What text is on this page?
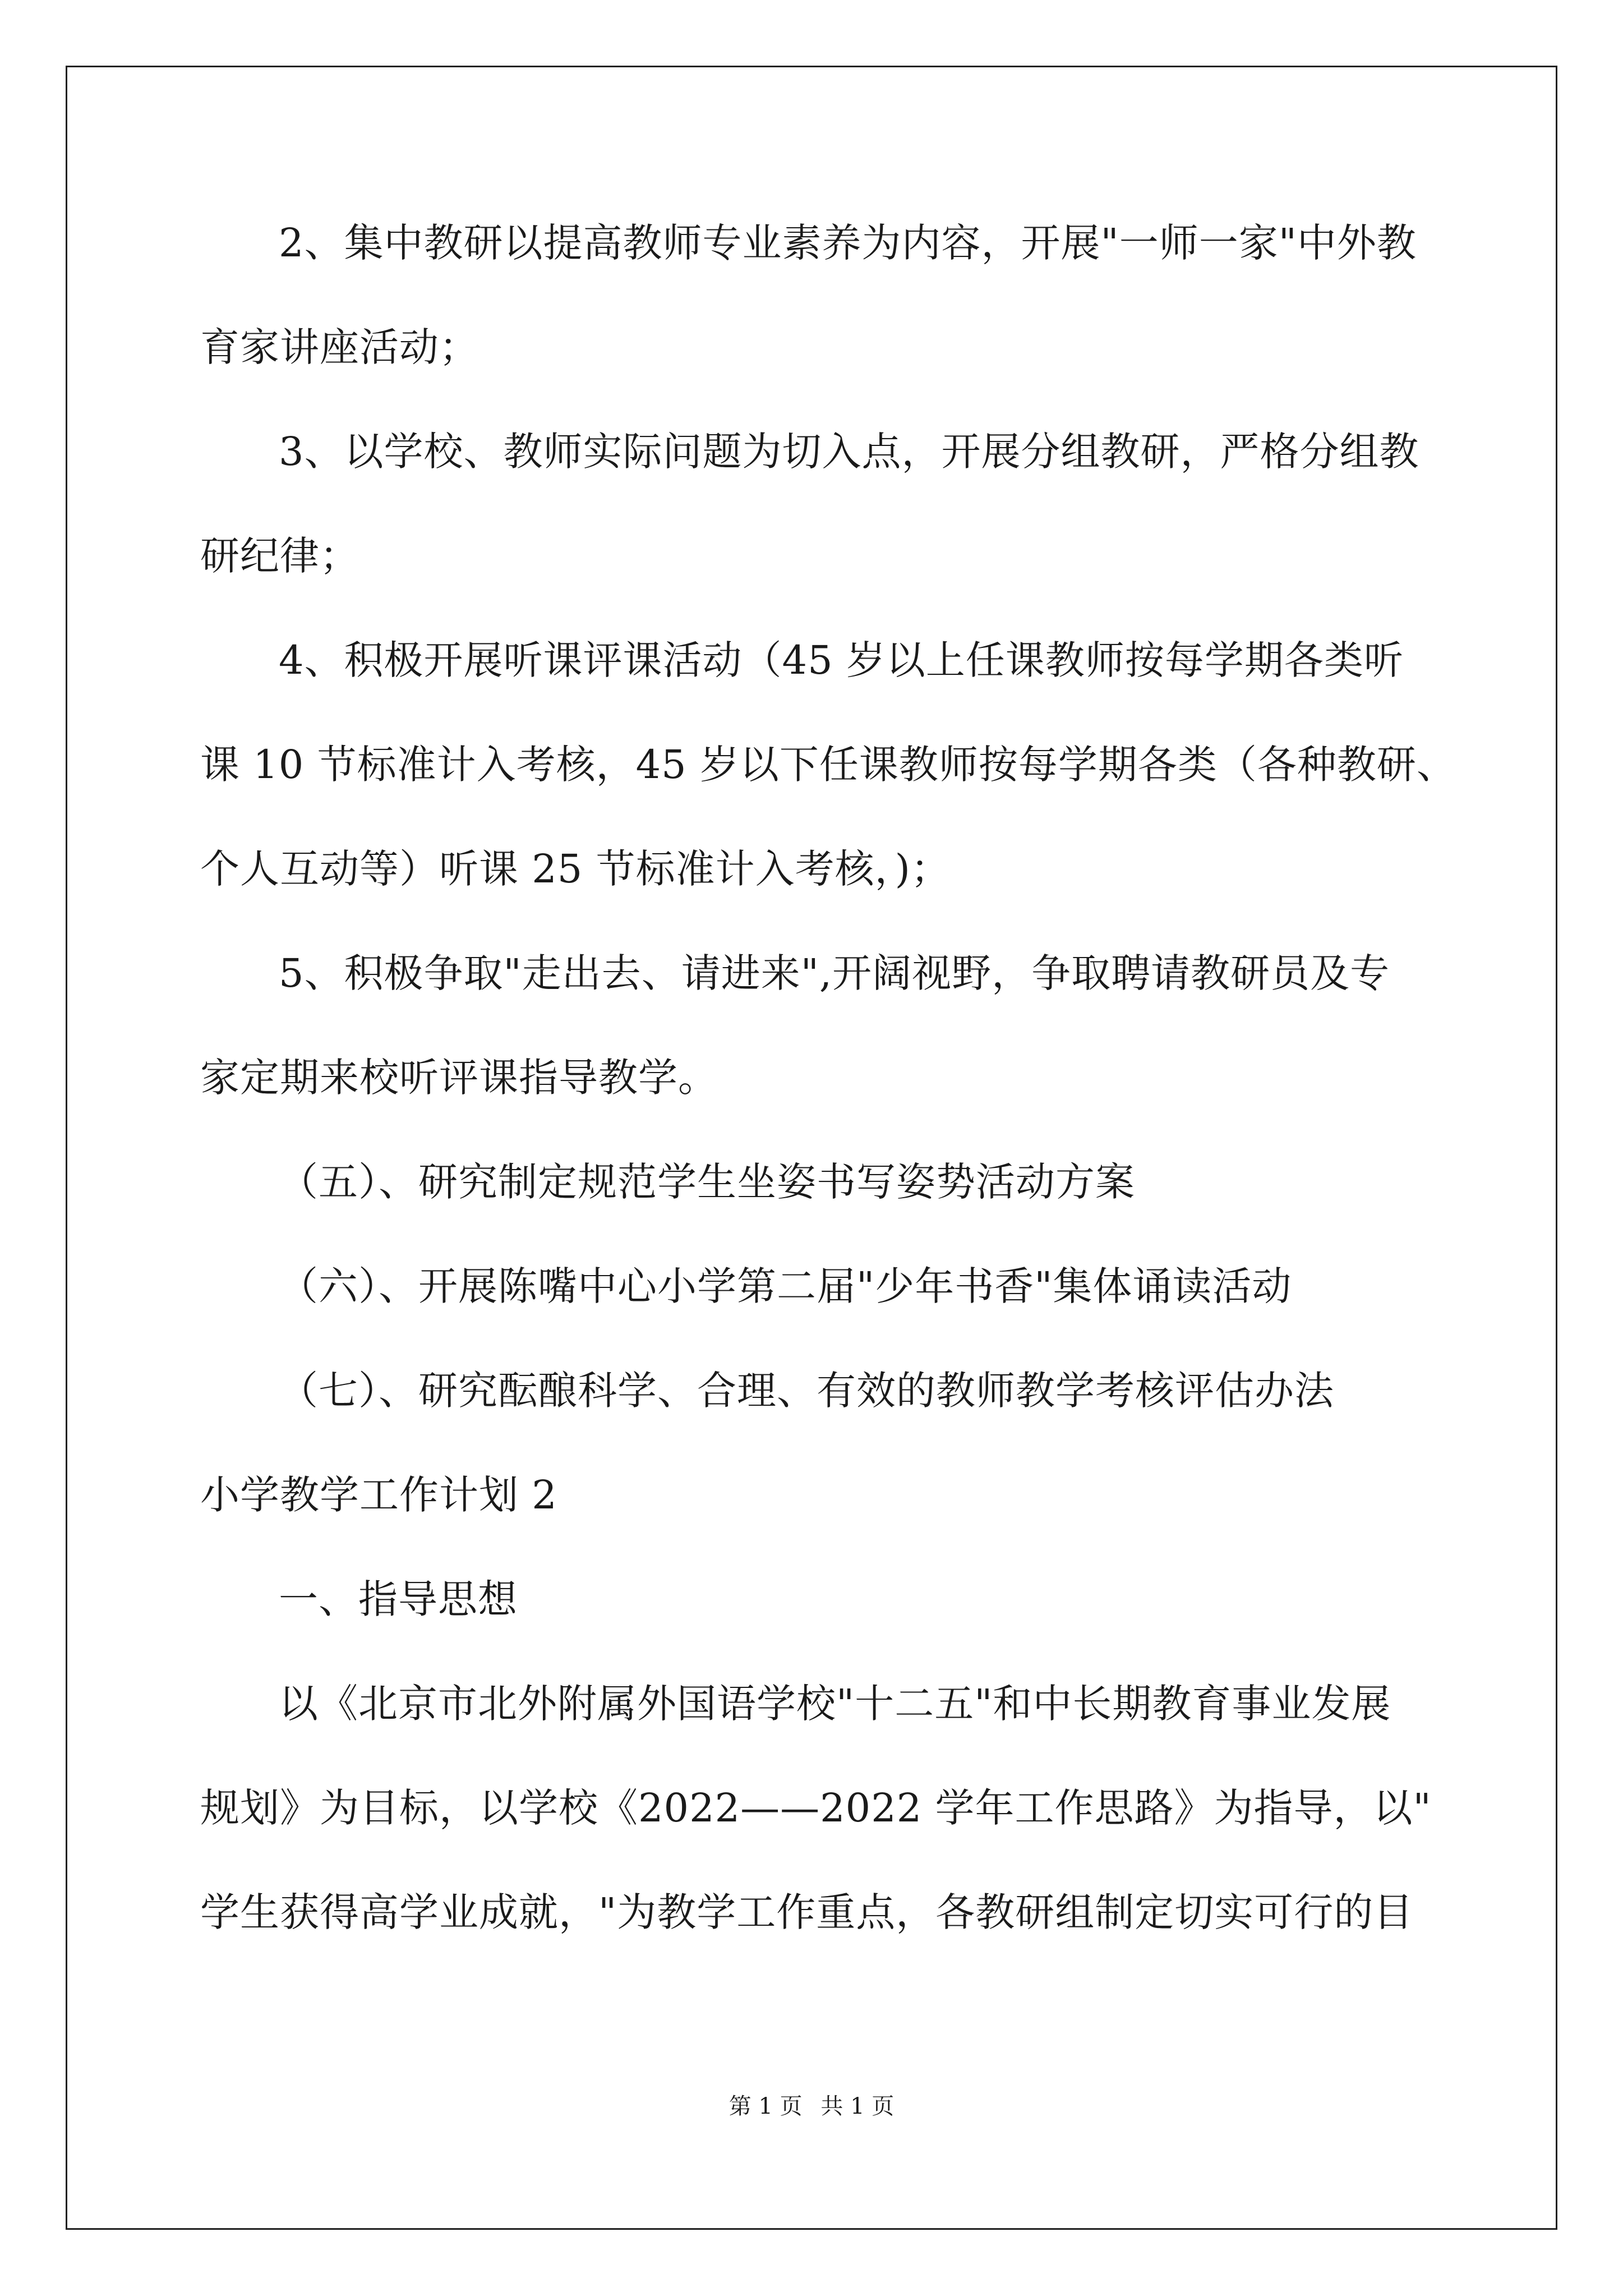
2、集中教研以提高教师专业素养为内容，开展"一师一家"中外教
育家讲座活动；
3、以学校、教师实际问题为切入点，开展分组教研，严格分组教
研纪律；
4、积极开展听课评课活动（45 岁以上任课教师按每学期各类听
课 10 节标准计入考核，45 岁以下任课教师按每学期各类（各种教研、
个人互动等）听课 25 节标准计入考核，)；
5、积极争取"走出去、请进来",开阔视野，争取聘请教研员及专
家定期来校听评课指导教学。
（五）、研究制定规范学生坐姿书写姿势活动方案
（六）、开展陈嘴中心小学第二届"少年书香"集体诵读活动
（七）、研究酝酿科学、合理、有效的教师教学考核评估办法
小学教学工作计划 2
一、指导思想
以《北京市北外附属外国语学校"十二五"和中长期教育事业发展
规划》为目标，以学校《2022——2022 学年工作思路》为指导，以"
学生获得高学业成就，"为教学工作重点，各教研组制定切实可行的目
第 1 页 共 1 页
